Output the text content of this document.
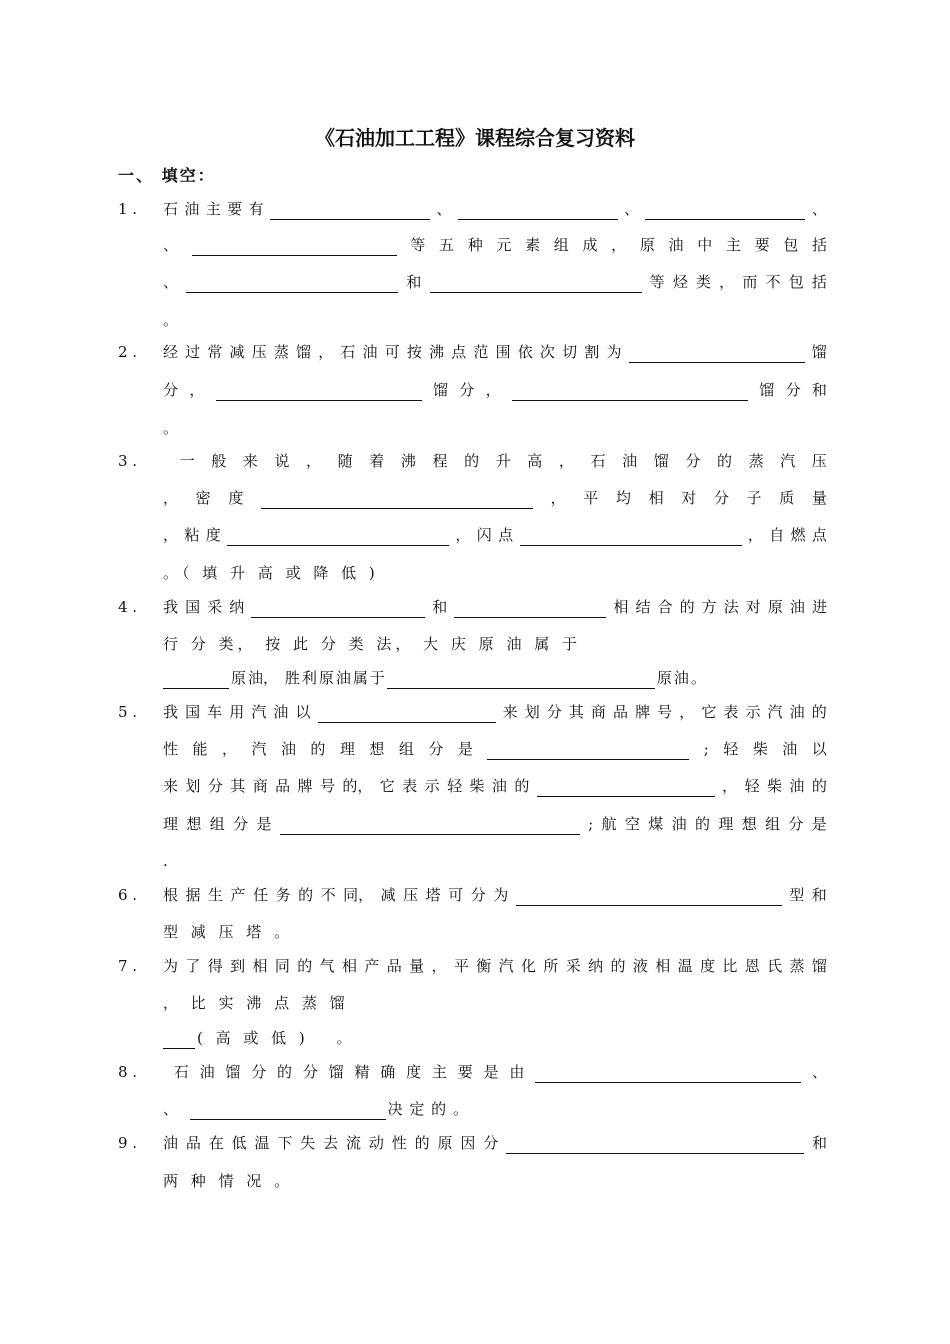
《石油加工工程》课程综合复习资料
一、 填空：
1 .
2 .
3 .
4 .
5 .
6 .
7 .
8 .
9 .
石 油 主 要 有	、	、	、
、	等 五 种 元 素 组 成 ， 原 油 中 主 要 包 括
、	和	等 烃 类 ， 而 不 包 括
。
经 过 常 减 压 蒸 馏 ， 石 油 可 按 沸 点 范 围 依 次 切 割 为	馏
分 ，	馏 分 ，	馏 分 和
。
一 般 来 说 ， 随 着 沸 程 的 升 高 ， 石 油 馏 分 的 蒸 汽 压
， 密 度	， 平 均 相 对 分 子 质 量
， 粘 度	， 闪 点	， 自 燃 点
。（ 填 升 高 或 降 低 )
我 国 采 纳	和	相 结 合 的 方 法 对 原 油 进
行 分 类， 按 此 分 类 法， 大 庆 原 油 属 于
原 油，
胜 利 原 油 属 于	原 油 。
我 国 车 用 汽 油 以	来 划 分 其 商 品 牌 号 ， 它 表 示 汽 油 的
性 能 ， 汽 油 的 理 想 组 分 是	; 轻 柴 油 以
来 划 分 其 商 品 牌 号 的， 它 表 示 轻 柴 油 的	， 轻 柴 油 的
理 想 组 分 是	; 航 空 煤 油 的 理 想 组 分 是
.
根 据 生 产 任 务 的 不 同， 减 压 塔 可 分 为	型 和
型 减 压 塔 。
为 了 得 到 相 同 的 气 相 产 品 量 ， 平 衡 汽 化 所 采 纳 的 液 相 温 度 比 恩 氏 蒸 馏
， 比 实 沸 点 蒸 馏
( 高 或 低 )　 。
石 油 馏 分 的 分 馏 精 确 度 主 要 是 由	、
、
	决
定
的
。
油 品 在 低 温 下 失 去 流 动 性 的 原 因 分	和
两 种 情 况 。
